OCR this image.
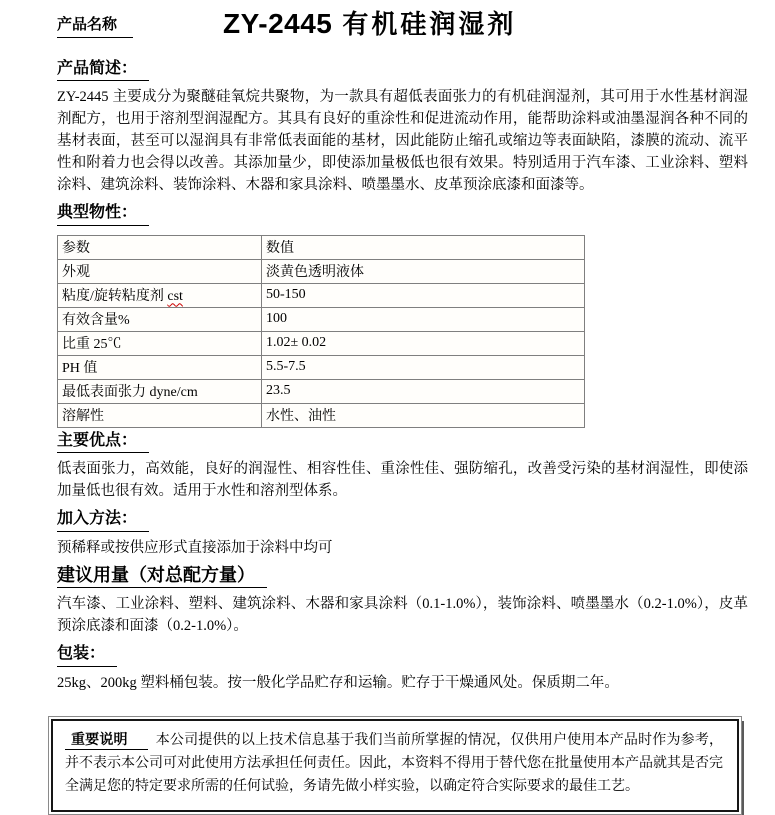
产品名称	ZY-2445 有机硅润湿剂
产品简述：

ZY-2445 主要成分为聚醚硅氧烷共聚物，为一款具有超低表面张力的有机硅润湿剂，其可用于水性基材润湿剂配方，也用于溶剂型润湿配方。其具有良好的重涂性和促进流动作用，能帮助涂料或油墨湿润各种不同的基材表面，甚至可以湿润具有非常低表面能的基材，因此能防止缩孔或缩边等表面缺陷，漆膜的流动、流平性和附着力也会得以改善。其添加量少，即使添加量极低也很有效果。特别适用于汽车漆、工业涂料、塑料涂料、建筑涂料、装饰涂料、木器和家具涂料、喷墨墨水、皮革预涂底漆和面漆等。

典型物性：
参数	数值
外观	淡黄色透明液体
粘度/旋转粘度剂 cst	50-150
有效含量%	100
比重 25℃	1.02± 0.02
PH 值	5.5-7.5
最低表面张力 dyne/cm	23.5
溶解性	水性、油性
主要优点：

低表面张力，高效能，良好的润湿性、相容性佳、重涂性佳、强防缩孔，改善受污染的基材润湿性，即使添加量低也很有效。适用于水性和溶剂型体系。

加入方法：

预稀释或按供应形式直接添加于涂料中均可

建议用量（对总配方量）

汽车漆、工业涂料、塑料、建筑涂料、木器和家具涂料（0.1-1.0%），装饰涂料、喷墨墨水（0.2-1.0%），皮革预涂底漆和面漆（0.2-1.0%）。

包装：

25kg、200kg 塑料桶包装。按一般化学品贮存和运输。贮存于干燥通风处。保质期二年。

重要说明 本公司提供的以上技术信息基于我们当前所掌握的情况，仅供用户使用本产品时作为参考，并不表示本公司可对此使用方法承担任何责任。因此，本资料不得用于替代您在批量使用本产品就其是否完全满足您的特定要求所需的任何试验，务请先做小样实验，以确定符合实际要求的最佳工艺。
